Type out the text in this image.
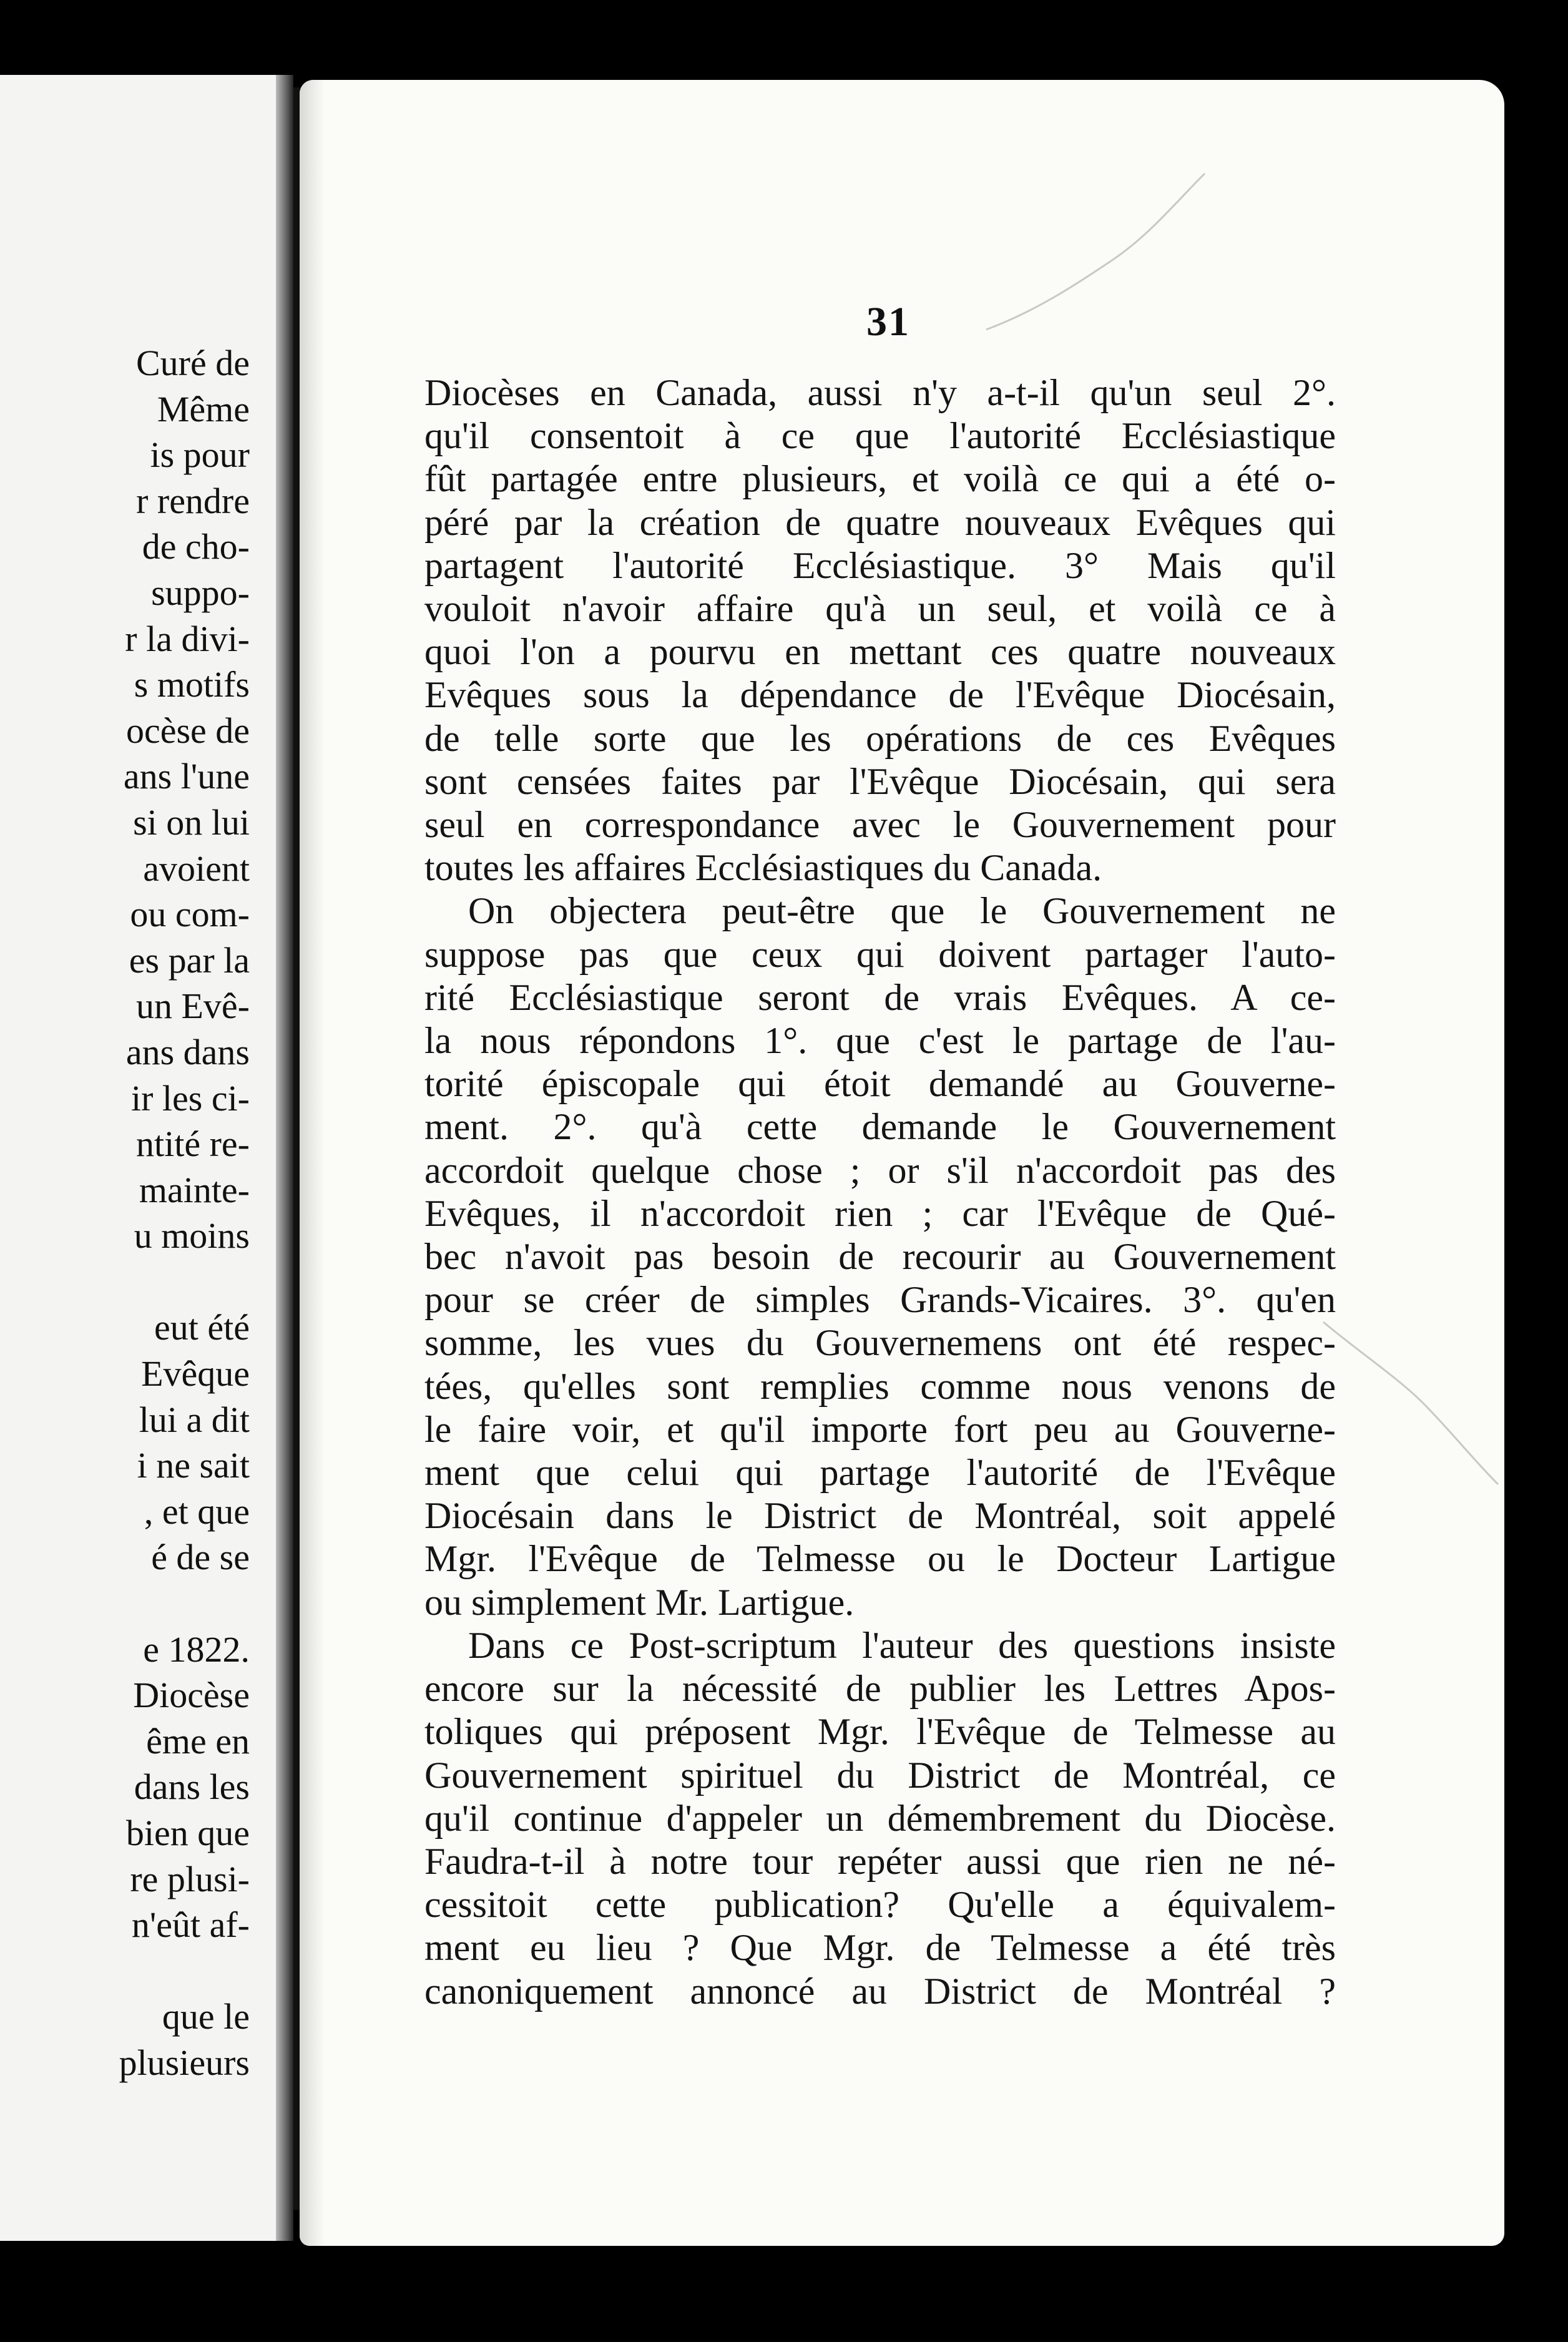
Curé de
Même
is pour
r rendre
de cho-
suppo-
r la divi-
s motifs
ocèse de
ans l'une
si on lui
avoient
ou com-
es par la
un Evê-
ans dans
ir les ci-
ntité re-
mainte-
u moins
eut été
Evêque
lui a dit
i ne sait
, et que
é de se
e 1822.
Diocèse
ême en
dans les
bien que
re plusi-
n'eût af-
que le
plusieurs
31
Diocèses en Canada, aussi n'y a-t-il qu'un seul 2°.
qu'il consentoit à ce que l'autorité Ecclésiastique
fût partagée entre plusieurs, et voilà ce qui a été o-
péré par la création de quatre nouveaux Evêques qui
partagent l'autorité Ecclésiastique. 3° Mais qu'il
vouloit n'avoir affaire qu'à un seul, et voilà ce à
quoi l'on a pourvu en mettant ces quatre nouveaux
Evêques sous la dépendance de l'Evêque Diocésain,
de telle sorte que les opérations de ces Evêques
sont censées faites par l'Evêque Diocésain, qui sera
seul en correspondance avec le Gouvernement pour
toutes les affaires Ecclésiastiques du Canada.
On objectera peut-être que le Gouvernement ne
suppose pas que ceux qui doivent partager l'auto-
rité Ecclésiastique seront de vrais Evêques. A ce-
la nous répondons 1°. que c'est le partage de l'au-
torité épiscopale qui étoit demandé au Gouverne-
ment. 2°. qu'à cette demande le Gouvernement
accordoit quelque chose ; or s'il n'accordoit pas des
Evêques, il n'accordoit rien ; car l'Evêque de Qué-
bec n'avoit pas besoin de recourir au Gouvernement
pour se créer de simples Grands-Vicaires. 3°. qu'en
somme, les vues du Gouvernemens ont été respec-
tées, qu'elles sont remplies comme nous venons de
le faire voir, et qu'il importe fort peu au Gouverne-
ment que celui qui partage l'autorité de l'Evêque
Diocésain dans le District de Montréal, soit appelé
Mgr. l'Evêque de Telmesse ou le Docteur Lartigue
ou simplement Mr. Lartigue.
Dans ce Post-scriptum l'auteur des questions insiste
encore sur la nécessité de publier les Lettres Apos-
toliques qui préposent Mgr. l'Evêque de Telmesse au
Gouvernement spirituel du District de Montréal, ce
qu'il continue d'appeler un démembrement du Diocèse.
Faudra-t-il à notre tour repéter aussi que rien ne né-
cessitoit cette publication? Qu'elle a équivalem-
ment eu lieu ? Que Mgr. de Telmesse a été très
canoniquement annoncé au District de Montréal ?
